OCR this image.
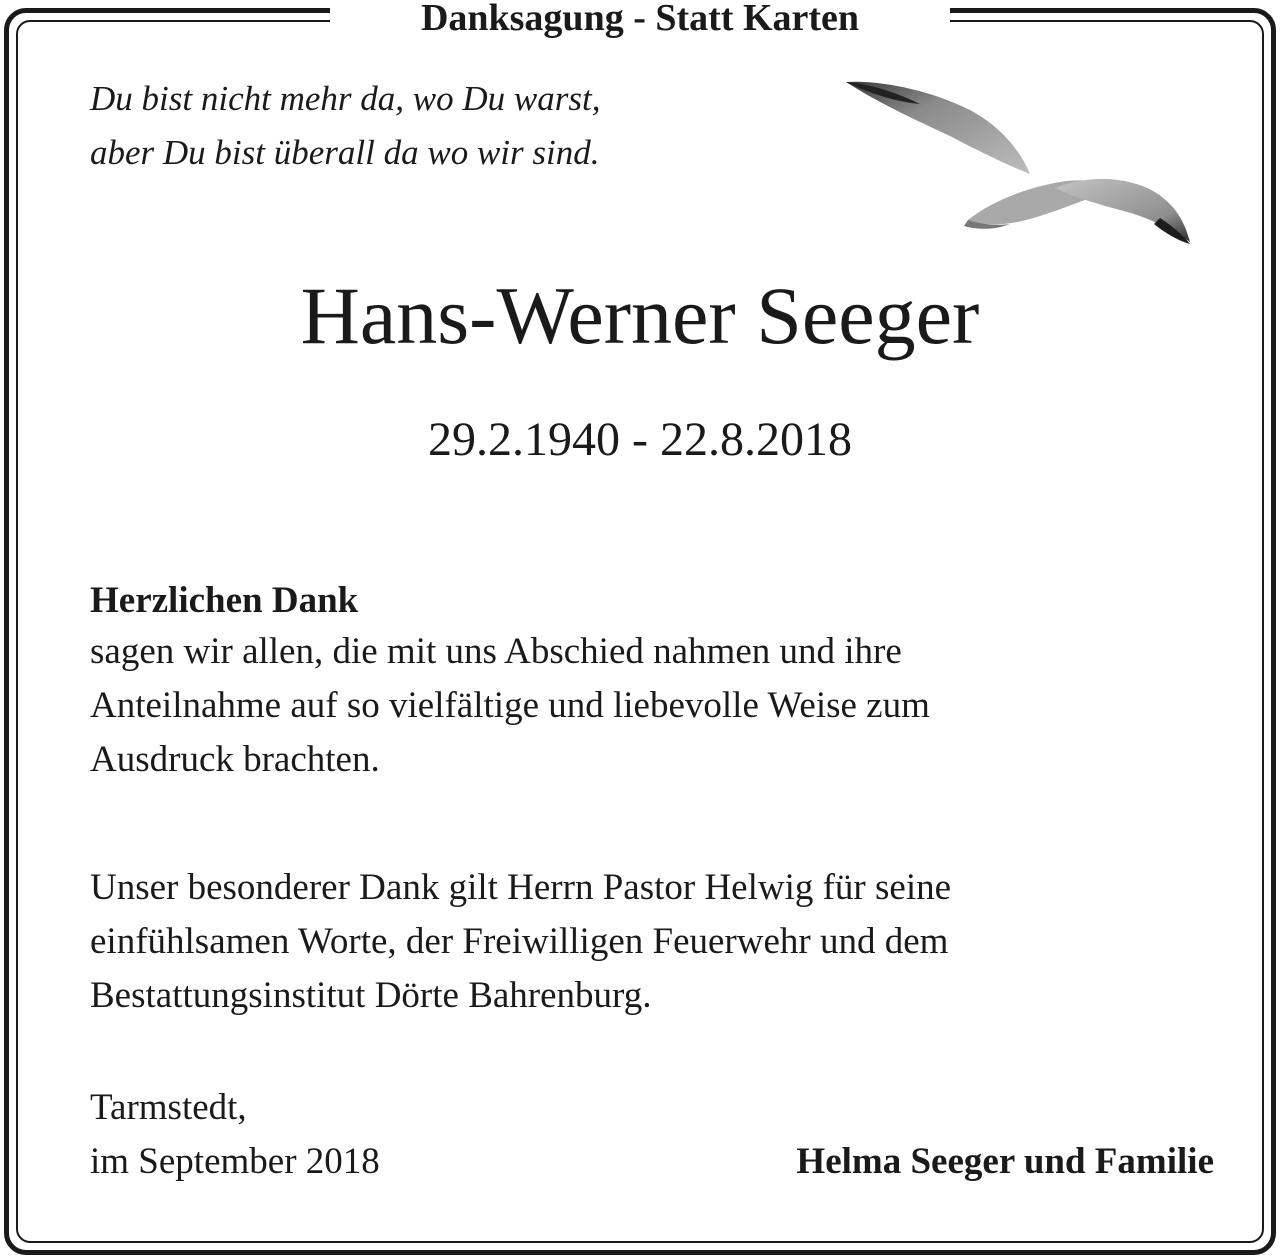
Danksagung - Statt Karten
Du bist nicht mehr da, wo Du warst,
aber Du bist überall da wo wir sind.
Hans-Werner Seeger
29.2.1940 - 22.8.2018
Herzlichen Dank
sagen wir allen, die mit uns Abschied nahmen und ihre
Anteilnahme auf so vielfältige und liebevolle Weise zum
Ausdruck brachten.
Unser besonderer Dank gilt Herrn Pastor Helwig für seine
einfühlsamen Worte, der Freiwilligen Feuerwehr und dem
Bestattungsinstitut Dörte Bahrenburg.
Tarmstedt,
im September 2018	Helma Seeger und Familie
